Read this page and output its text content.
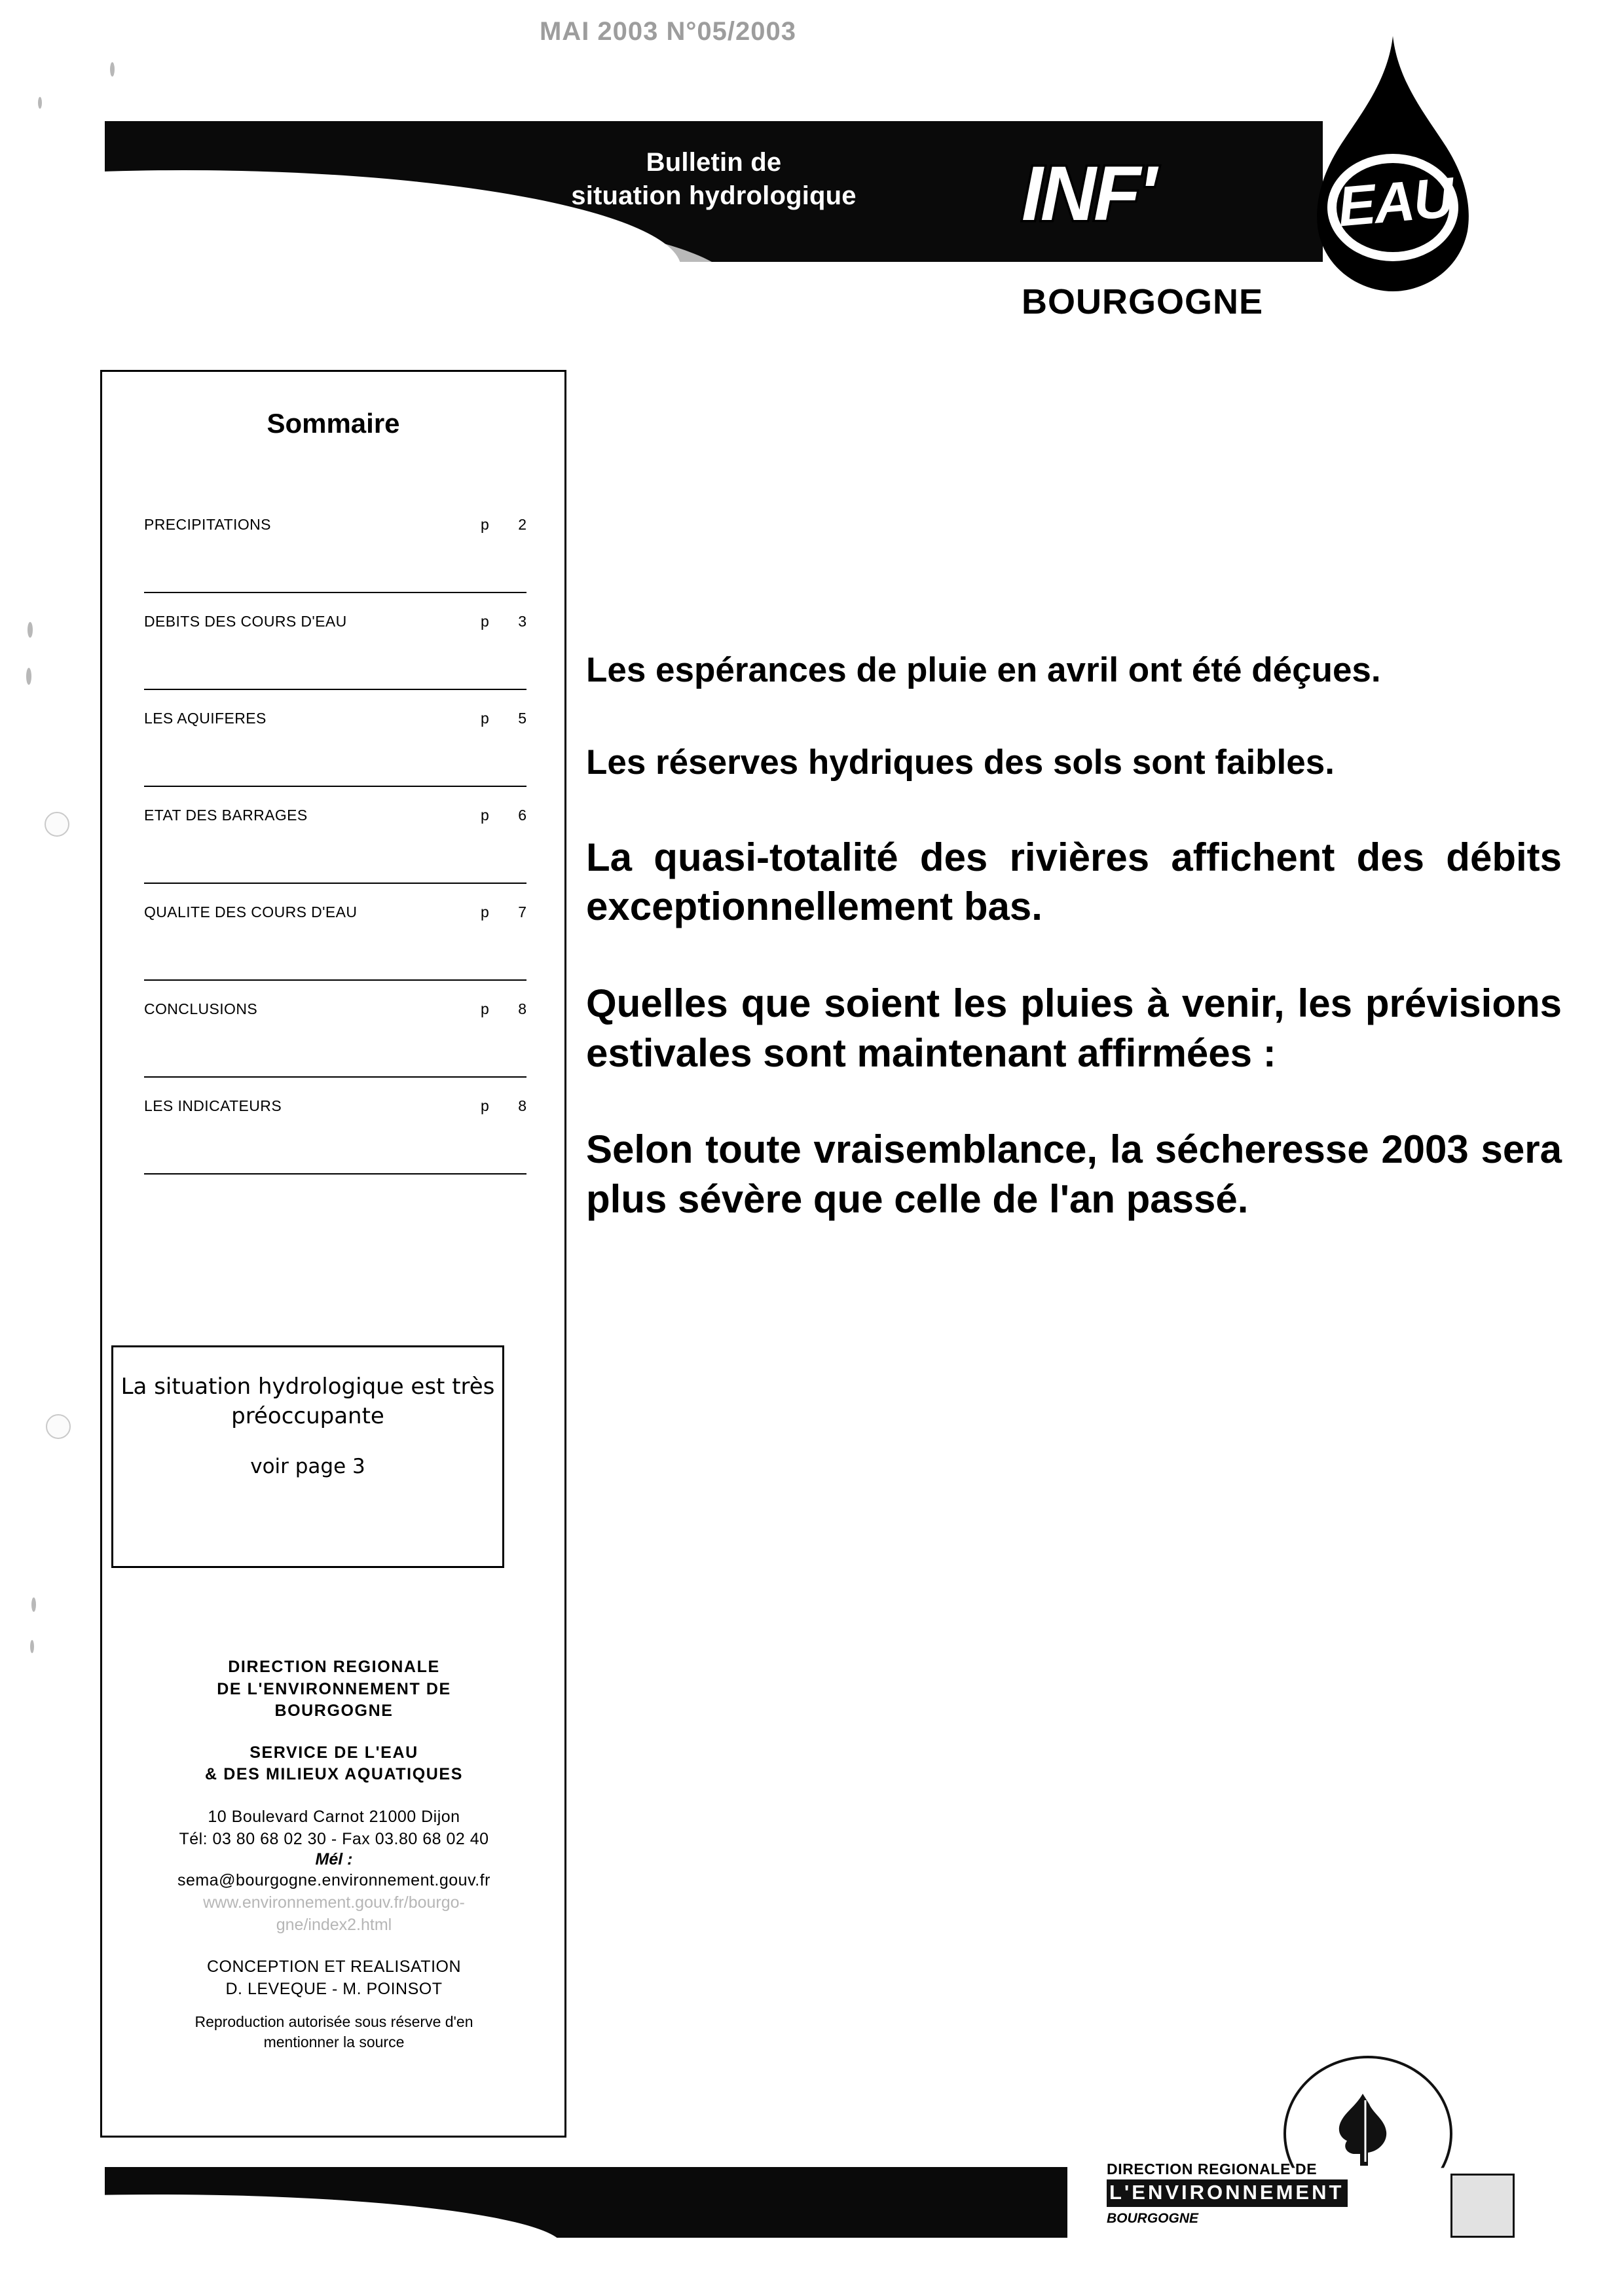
Bulletin de
situation hydrologique	INF'	EAU
BOURGOGNE
Sommaire
PRECIPITATIONS	p	2
DEBITS DES COURS D'EAU	p	3
LES AQUIFERES	p	5
ETAT DES BARRAGES	p	6
QUALITE DES COURS D'EAU	p	7
CONCLUSIONS	p	8
LES INDICATEURS	p	8
La situation hydrologique est très préoccupante
voir page 3
DIRECTION REGIONALE
DE L'ENVIRONNEMENT DE
BOURGOGNE
SERVICE DE L'EAU
& DES MILIEUX AQUATIQUES
10 Boulevard Carnot 21000 Dijon
Tél: 03 80 68 02 30 - Fax 03.80 68 02 40
Mél :
sema@bourgogne.environnement.gouv.fr
www.environnement.gouv.fr/bourgo-
gne/index2.html
CONCEPTION ET REALISATION
D. LEVEQUE - M. POINSOT
Reproduction autorisée sous réserve d'en
mentionner la source

Les espérances de pluie en avril ont été déçues.

Les réserves hydriques des sols sont faibles.

La quasi-totalité des rivières affichent des débits exceptionnellement bas.

Quelles que soient les pluies à venir, les prévisions estivales sont maintenant affirmées :

Selon toute vraisemblance, la sécheresse 2003 sera plus sévère que celle de l'an passé.

MAI 2003 N°05/2003
DIRECTION REGIONALE DE
L'ENVIRONNEMENT
BOURGOGNE
